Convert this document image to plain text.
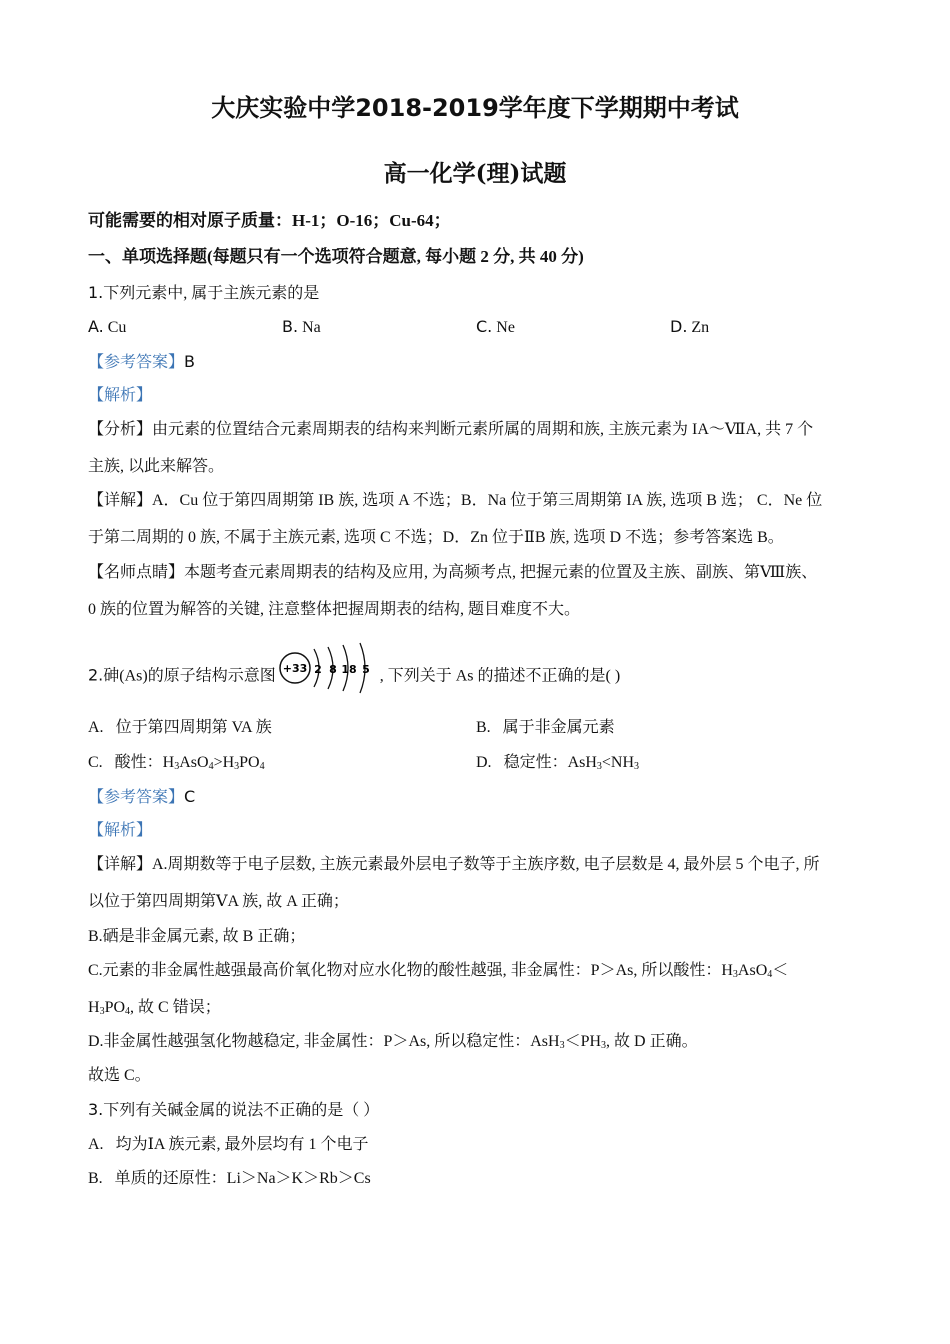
大庆实验中学2018-2019学年度下学期期中考试
高一化学(理)试题
可能需要的相对原子质量：H-1；O-16；Cu-64；
一、单项选择题(每题只有一个选项符合题意, 每小题 2 分, 共 40 分)
1.下列元素中, 属于主族元素的是
A. Cu	B. Na	C. Ne	D. Zn
【参考答案】B
【解析】
【分析】由元素的位置结合元素周期表的结构来判断元素所属的周期和族, 主族元素为 IA～ⅦA, 共 7 个
主族, 以此来解答。
【详解】A．Cu 位于第四周期第 IB 族, 选项 A 不选；B．Na 位于第三周期第 IA 族, 选项 B 选； C．Ne 位
于第二周期的 0 族, 不属于主族元素, 选项 C 不选；D．Zn 位于ⅡB 族, 选项 D 不选；参考答案选 B。
【名师点睛】本题考查元素周期表的结构及应用, 为高频考点, 把握元素的位置及主族、副族、第Ⅷ族、
0 族的位置为解答的关键, 注意整体把握周期表的结构, 题目难度不大。
2.砷(As)的原子结构示意图 +33 2 8 18 5 , 下列关于 As 的描述不正确的是( )
A. 位于第四周期第 VA 族	B. 属于非金属元素
C. 酸性：$H_3AsO_4>H_3PO_4$	D. 稳定性：$AsH_3<NH_3$
【参考答案】C
【解析】
【详解】A.周期数等于电子层数, 主族元素最外层电子数等于主族序数, 电子层数是 4, 最外层 5 个电子, 所
以位于第四周期第ⅤA 族, 故 A 正确；
B.硒是非金属元素, 故 B 正确；
C.元素的非金属性越强最高价氧化物对应水化物的酸性越强, 非金属性：P＞As, 所以酸性：$H_3AsO_4<$
$H_3PO_4$, 故 C 错误；
D.非金属性越强氢化物越稳定, 非金属性：P＞As, 所以稳定性：$AsH_3<PH_3$, 故 D 正确。
故选 C。
3.下列有关碱金属的说法不正确的是（ ）
A. 均为ⅠA 族元素, 最外层均有 1 个电子
B. 单质的还原性：Li＞Na＞K＞Rb＞Cs
